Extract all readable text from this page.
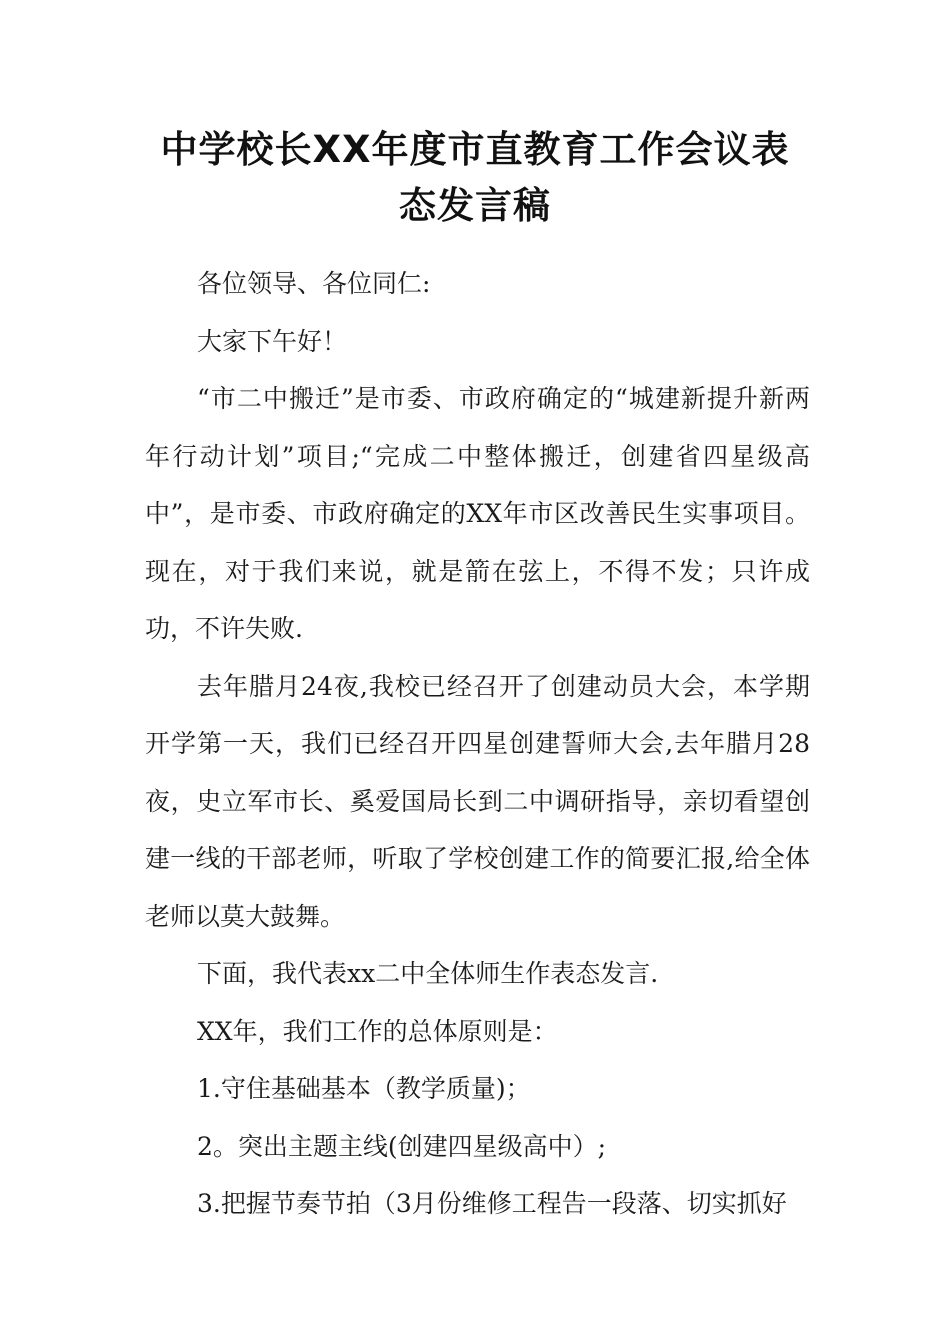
中学校长XX年度市直教育工作会议表
态发言稿

各位领导、各位同仁:

大家下午好！

“市二中搬迁”是市委、市政府确定的“城建新提升新两年行动计划”项目;“完成二中整体搬迁，创建省四星级高中”，是市委、市政府确定的XX年市区改善民生实事项目。现在，对于我们来说，就是箭在弦上，不得不发；只许成功，不许失败.

去年腊月24夜,我校已经召开了创建动员大会，本学期开学第一天，我们已经召开四星创建誓师大会,去年腊月28夜，史立军市长、奚爱国局长到二中调研指导，亲切看望创建一线的干部老师，听取了学校创建工作的简要汇报,给全体老师以莫大鼓舞。

下面，我代表xx二中全体师生作表态发言.

XX年，我们工作的总体原则是：

1.守住基础基本（教学质量)；

2。突出主题主线(创建四星级高中）;

3.把握节奏节拍（3月份维修工程告一段落、切实抓好
